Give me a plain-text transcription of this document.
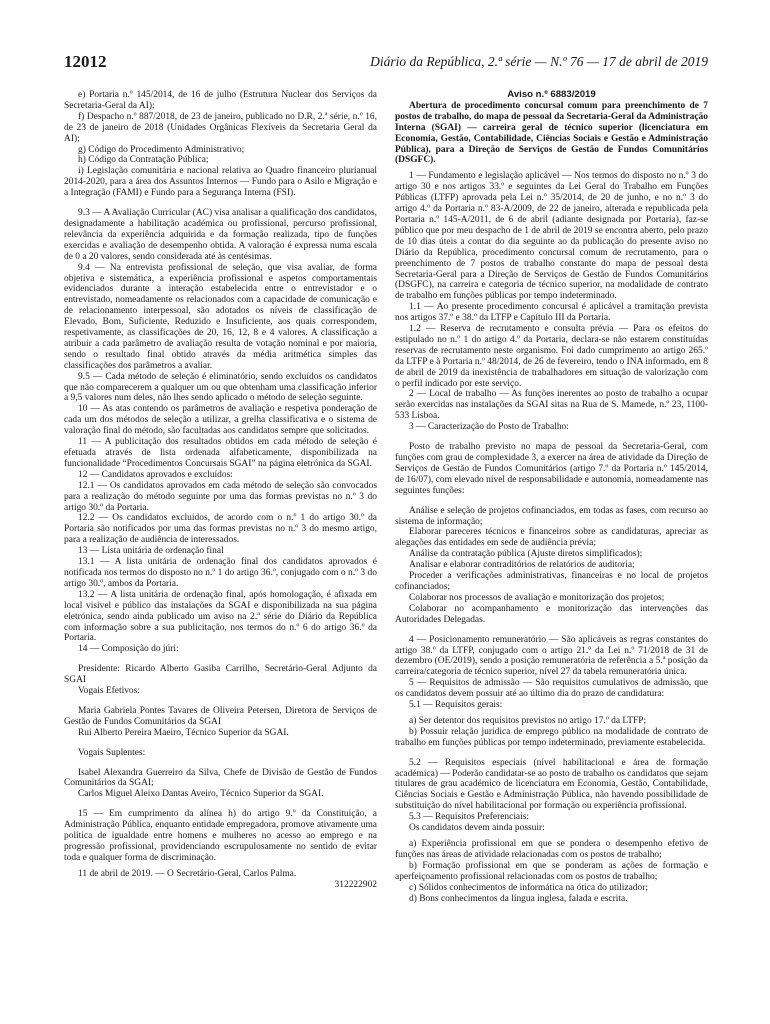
12012	Diário da República, 2.ª série — N.º 76 — 17 de abril de 2019

e) Portaria n.º 145/2014, de 16 de julho (Estrutura Nuclear dos Serviços da Secretaria-Geral da AI);

f) Despacho n.º 887/2018, de 23 de janeiro, publicado no D.R, 2.ª série, n.º 16, de 23 de janeiro de 2018 (Unidades Orgânicas Flexíveis da Secretaria Geral da AI);

g) Código do Procedimento Administrativo;

h) Código da Contratação Pública;

i) Legislação comunitária e nacional relativa ao Quadro financeiro plurianual 2014-2020, para a área dos Assuntos Internos — Fundo para o Asilo e Migração e a Integração (FAMI) e Fundo para a Segurança Interna (FSI).

9.3 — A Avaliação Curricular (AC) visa analisar a qualificação dos candidatos, designadamente a habilitação académica ou profissional, percurso profissional, relevância da experiência adquirida e da formação realizada, tipo de funções exercidas e avaliação de desempenho obtida. A valoração é expressa numa escala de 0 a 20 valores, sendo considerada até às centésimas.

9.4 — Na entrevista profissional de seleção, que visa avaliar, de forma objetiva e sistemática, a experiência profissional e aspetos comportamentais evidenciados durante a interação estabelecida entre o entrevistador e o entrevistado, nomeadamente os relacionados com a capacidade de comunicação e de relacionamento interpessoal, são adotados os níveis de classificação de Elevado, Bom, Suficiente, Reduzido e Insuficiente, aos quais correspondem, respetivamente, as classificações de 20, 16, 12, 8 e 4 valores. A classificação a atribuir a cada parâmetro de avaliação resulta de votação nominal e por maioria, sendo o resultado final obtido através da média aritmética simples das classificações dos parâmetros a avaliar.

9.5 — Cada método de seleção é eliminatório, sendo excluídos os candidatos que não comparecerem a qualquer um ou que obtenham uma classificação inferior a 9,5 valores num deles, não lhes sendo aplicado o método de seleção seguinte.

10 — As atas contendo os parâmetros de avaliação e respetiva ponderação de cada um dos métodos de seleção a utilizar, a grelha classificativa e o sistema de valoração final do método, são facultadas aos candidatos sempre que solicitados.

11 — A publicitação dos resultados obtidos em cada método de seleção é efetuada através de lista ordenada alfabeticamente, disponibilizada na funcionalidade “Procedimentos Concursais SGAI” na página eletrónica da SGAI.

12 — Candidatos aprovados e excluídos:

12.1 — Os candidatos aprovados em cada método de seleção são convocados para a realização do método seguinte por uma das formas previstas no n.º 3 do artigo 30.º da Portaria.

12.2 — Os candidatos excluídos, de acordo com o n.º 1 do artigo 30.º da Portaria são notificados por uma das formas previstas no n.º 3 do mesmo artigo, para a realização de audiência de interessados.

13 — Lista unitária de ordenação final

13.1 — A lista unitária de ordenação final dos candidatos aprovados é notificada nos termos do disposto no n.º 1 do artigo 36.º, conjugado com o n.º 3 do artigo 30.º, ambos da Portaria.

13.2 — A lista unitária de ordenação final, após homologação, é afixada em local visível e público das instalações da SGAI e disponibilizada na sua página eletrónica, sendo ainda publicado um aviso na 2.ª série do Diário da República com informação sobre a sua publicitação, nos termos do n.º 6 do artigo 36.º da Portaria.

14 — Composição do júri:

Presidente: Ricardo Alberto Gasiba Carrilho, Secretário-Geral Adjunto da SGAI

Vogais Efetivos:

Maria Gabriela Pontes Tavares de Oliveira Petersen, Diretora de Serviços de Gestão de Fundos Comunitários da SGAI

Rui Alberto Pereira Maeiro, Técnico Superior da SGAI.

Vogais Suplentes:

Isabel Alexandra Guerreiro da Silva, Chefe de Divisão de Gestão de Fundos Comunitários da SGAI;

Carlos Miguel Aleixo Dantas Aveiro, Técnico Superior da SGAI.

15 — Em cumprimento da alínea h) do artigo 9.º da Constituição, a Administração Pública, enquanto entidade empregadora, promove ativamente uma política de igualdade entre homens e mulheres no acesso ao emprego e na progressão profissional, providenciando escrupulosamente no sentido de evitar toda e qualquer forma de discriminação.

11 de abril de 2019. — O Secretário-Geral, Carlos Palma.

312222902

Aviso n.º 6883/2019

Abertura de procedimento concursal comum para preenchimento de 7 postos de trabalho, do mapa de pessoal da Secretaria-Geral da Administração Interna (SGAI) — carreira geral de técnico superior (licenciatura em Economia, Gestão, Contabilidade, Ciências Sociais e Gestão e Administração Pública), para a Direção de Serviços de Gestão de Fundos Comunitários (DSGFC).

1 — Fundamento e legislação aplicável — Nos termos do disposto no n.º 3 do artigo 30 e nos artigos 33.º e seguintes da Lei Geral do Trabalho em Funções Públicas (LTFP) aprovada pela Lei n.º 35/2014, de 20 de junho, e no n.º 3 do artigo 4.º da Portaria n.º 83-A/2009, de 22 de janeiro, alterada e republicada pela Portaria n.º 145-A/2011, de 6 de abril (adiante designada por Portaria), faz-se público que por meu despacho de 1 de abril de 2019 se encontra aberto, pelo prazo de 10 dias úteis a contar do dia seguinte ao da publicação do presente aviso no Diário da República, procedimento concursal comum de recrutamento, para o preenchimento de 7 postos de trabalho constante do mapa de pessoal desta Secretaria-Geral para a Direção de Serviços de Gestão de Fundos Comunitários (DSGFC), na carreira e categoria de técnico superior, na modalidade de contrato de trabalho em funções públicas por tempo indeterminado.

1.1 — Ao presente procedimento concursal é aplicável a tramitação prevista nos artigos 37.º e 38.º da LTFP e Capítulo III da Portaria.

1.2 — Reserva de recrutamento e consulta prévia — Para os efeitos do estipulado no n.º 1 do artigo 4.º da Portaria, declara-se não estarem constituídas reservas de recrutamento neste organismo. Foi dado cumprimento ao artigo 265.º da LTFP e à Portaria n.º 48/2014, de 26 de fevereiro, tendo o INA informado, em 8 de abril de 2019 da inexistência de trabalhadores em situação de valorização com o perfil indicado por este serviço.

2 — Local de trabalho — As funções inerentes ao posto de trabalho a ocupar serão exercidas nas instalações da SGAI sitas na Rua de S. Mamede, n.º 23, 1100-533 Lisboa.

3 — Caracterização do Posto de Trabalho:

Posto de trabalho previsto no mapa de pessoal da Secretaria-Geral, com funções com grau de complexidade 3, a exercer na área de atividade da Direção de Serviços de Gestão de Fundos Comunitários (artigo 7.º da Portaria n.º 145/2014, de 16/07), com elevado nível de responsabilidade e autonomia, nomeadamente nas seguintes funções:

Análise e seleção de projetos cofinanciados, em todas as fases, com recurso ao sistema de informação;

Elaborar pareceres técnicos e financeiros sobre as candidaturas, apreciar as alegações das entidades em sede de audiência prévia;

Análise da contratação pública (Ajuste diretos simplificados);

Analisar e elaborar contraditórios de relatórios de auditoria;

Proceder a verificações administrativas, financeiras e no local de projetos cofinanciados;

Colaborar nos processos de avaliação e monitorização dos projetos;

Colaborar no acompanhamento e monitorização das intervenções das Autoridades Delegadas.

4 — Posicionamento remuneratório — São aplicáveis as regras constantes do artigo 38.º da LTFP, conjugado com o artigo 21.º da Lei n.º 71/2018 de 31 de dezembro (OE/2019), sendo a posição remuneratória de referência a 5.ª posição da carreira/categoria de técnico superior, nível 27 da tabela remuneratória única.

5 — Requisitos de admissão — São requisitos cumulativos de admissão, que os candidatos devem possuir até ao último dia do prazo de candidatura:

5.1 — Requisitos gerais:

a) Ser detentor dos requisitos previstos no artigo 17.º da LTFP;

b) Possuir relação jurídica de emprego público na modalidade de contrato de trabalho em funções públicas por tempo indeterminado, previamente estabelecida.

5.2 — Requisitos especiais (nível habilitacional e área de formação académica) — Poderão candidatar-se ao posto de trabalho os candidatos que sejam titulares de grau académico de licenciatura em Economia, Gestão, Contabilidade, Ciências Sociais e Gestão e Administração Pública, não havendo possibilidade de substituição do nível habilitacional por formação ou experiência profissional.

5.3 — Requisitos Preferenciais:

Os candidatos devem ainda possuir:

a) Experiência profissional em que se pondera o desempenho efetivo de funções nas áreas de atividade relacionadas com os postos de trabalho;

b) Formação profissional em que se ponderam as ações de formação e aperfeiçoamento profissional relacionadas com os postos de trabalho;

c) Sólidos conhecimentos de informática na ótica do utilizador;

d) Bons conhecimentos da língua inglesa, falada e escrita.
